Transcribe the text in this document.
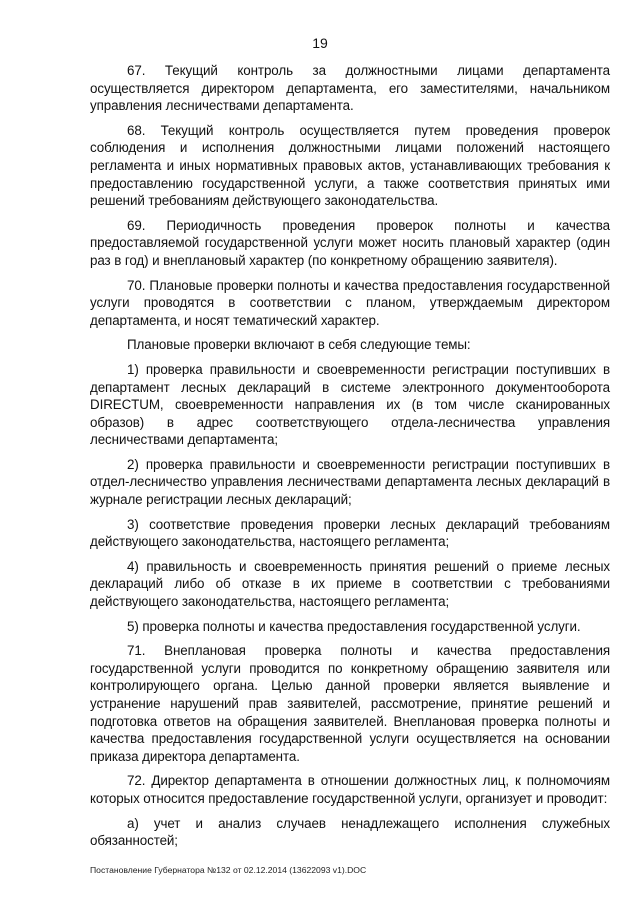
19

67. Текущий контроль за должностными лицами департамента осуществляется директором департамента, его заместителями, начальником управления лесничествами департамента.

68. Текущий контроль осуществляется путем проведения проверок соблюдения и исполнения должностными лицами положений настоящего регламента и иных нормативных правовых актов, устанавливающих требования к предоставлению государственной услуги, а также соответствия принятых ими решений требованиям действующего законодательства.

69. Периодичность проведения проверок полноты и качества предоставляемой государственной услуги может носить плановый характер (один раз в год) и внеплановый характер (по конкретному обращению заявителя).

70. Плановые проверки полноты и качества предоставления государственной услуги проводятся в соответствии с планом, утверждаемым директором департамента, и носят тематический характер.

Плановые проверки включают в себя следующие темы:

1) проверка правильности и своевременности регистрации поступивших в департамент лесных деклараций в системе электронного документооборота DIRECTUM, своевременности направления их (в том числе сканированных образов) в адрес соответствующего отдела-лесничества управления лесничествами департамента;

2) проверка правильности и своевременности регистрации поступивших в отдел-лесничество управления лесничествами департамента лесных деклараций в журнале регистрации лесных деклараций;

3) соответствие проведения проверки лесных деклараций требованиям действующего законодательства, настоящего регламента;

4) правильность и своевременность принятия решений о приеме лесных деклараций либо об отказе в их приеме в соответствии с требованиями действующего законодательства, настоящего регламента;

5) проверка полноты и качества предоставления государственной услуги.

71. Внеплановая проверка полноты и качества предоставления государственной услуги проводится по конкретному обращению заявителя или контролирующего органа. Целью данной проверки является выявление и устранение нарушений прав заявителей, рассмотрение, принятие решений и подготовка ответов на обращения заявителей. Внеплановая проверка полноты и качества предоставления государственной услуги осуществляется на основании приказа директора департамента.

72. Директор департамента в отношении должностных лиц, к полномочиям которых относится предоставление государственной услуги, организует и проводит:

а) учет и анализ случаев ненадлежащего исполнения служебных обязанностей;

Постановление Губернатора №132 от 02.12.2014 (13622093 v1).DOC
